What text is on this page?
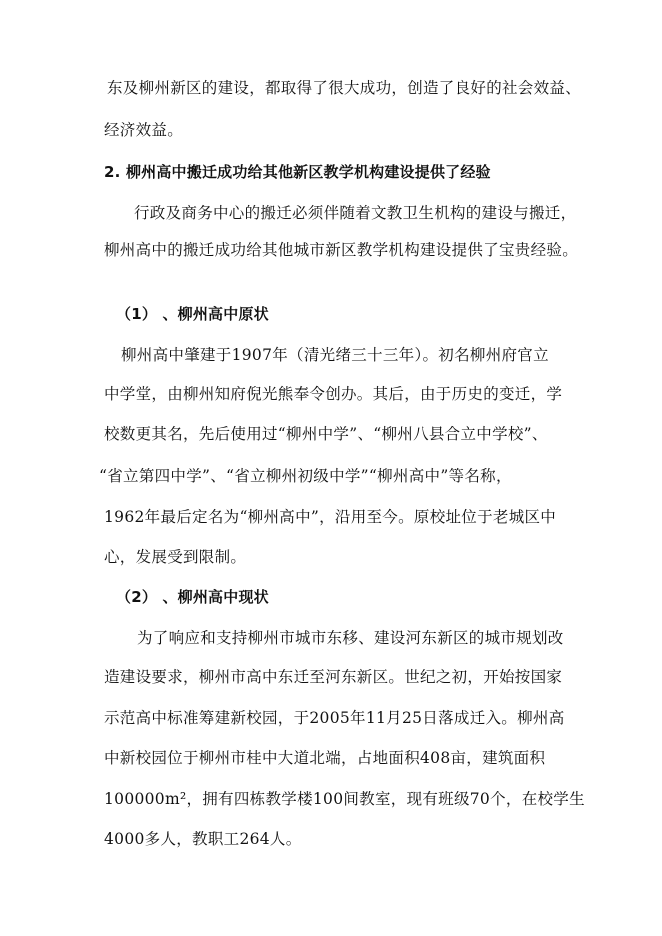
东及柳州新区的建设，都取得了很大成功，创造了良好的社会效益、
经济效益。
2. 柳州高中搬迁成功给其他新区教学机构建设提供了经验
行政及商务中心的搬迁必须伴随着文教卫生机构的建设与搬迁，
柳州高中的搬迁成功给其他城市新区教学机构建设提供了宝贵经验。
（1） 、柳州高中原状
柳州高中肇建于1907年（清光绪三十三年）。初名柳州府官立
中学堂，由柳州知府倪光熊奉令创办。其后，由于历史的变迁，学
校数更其名，先后使用过“柳州中学”、“柳州八县合立中学校”、
“省立第四中学”、“省立柳州初级中学”“柳州高中”等名称，
1962年最后定名为“柳州高中”，沿用至今。原校址位于老城区中
心，发展受到限制。
（2） 、柳州高中现状
为了响应和支持柳州市城市东移、建设河东新区的城市规划改
造建设要求，柳州市高中东迁至河东新区。世纪之初，开始按国家
示范高中标准筹建新校园，于2005年11月25日落成迁入。柳州高
中新校园位于柳州市桂中大道北端，占地面积408亩，建筑面积
100000m²，拥有四栋教学楼100间教室，现有班级70个，在校学生
4000多人，教职工264人。
